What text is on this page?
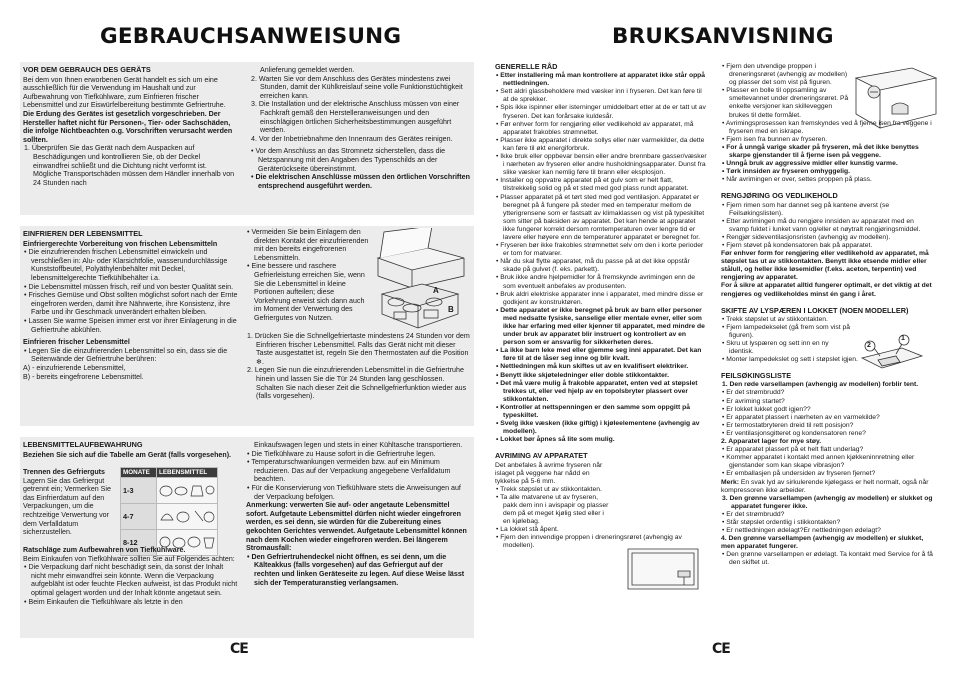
GEBRAUCHSANWEISUNG	BRUKSANVISNING
VOR DEM GEBRAUCH DES GERÄTS
Bei dem von Ihnen erworbenen Gerät handelt es sich um eine ausschließlich für die Verwendung im Haushalt und zur Aufbewahrung von Tiefkühlware, zum Einfrieren frischer Lebensmittel und zur Eiswürfelbereitung bestimmte Gefriertruhe.
Die Erdung des Gerätes ist gesetzlich vorgeschrieben. Der Hersteller haftet nicht für Personen-, Tier- oder Sachschäden, die infolge Nichtbeachten o.g. Vorschriften verursacht werden sollten.
1. Überprüfen Sie das Gerät nach dem Auspacken auf Beschädigungen und kontrollieren Sie, ob der Deckel einwandfrei schließt und die Dichtung nicht verformt ist. Mögliche Transportschäden müssen dem Händler innerhalb von 24 Stunden nach
Anlieferung gemeldet werden.
2. Warten Sie vor dem Anschluss des Gerätes mindestens zwei Stunden, damit der Kühlkreislauf seine volle Funktionstüchtigkeit erreichen kann.
3. Die Installation und der elektrische Anschluss müssen von einer Fachkraft gemäß den Herstelleranweisungen und den einschlägigen örtlichen Sicherheitsbestimmungen ausgeführt werden.
4. Vor der Inbetriebnahme den Innenraum des Gerätes reinigen.
• Vor dem Anschluss an das Stromnetz sicherstellen, dass die Netzspannung mit den Angaben des Typenschilds an der Geräterückseite übereinstimmt.
• Die elektrischen Anschlüsse müssen den örtlichen Vorschriften entsprechend ausgeführt werden.
EINFRIEREN DER LEBENSMITTEL
Einfriergerechte Vorbereitung von frischen Lebensmitteln
• Die einzufrierenden frischen Lebensmittel einwickeln und verschließen in: Alu- oder Klarsichtfolie, wasserundurchlässige Kunststoffbeutel, Polyäthylenbehälter mit Deckel, lebensmittelgerechte Tiefkühlbehälter i.a.
• Die Lebensmittel müssen frisch, reif und von bester Qualität sein.
• Frisches Gemüse und Obst sollten möglichst sofort nach der Ernte eingefroren werden, damit ihre Nährwerte, ihre Konsistenz, ihre Farbe und ihr Geschmack unverändert erhalten bleiben.
• Lassen Sie warme Speisen immer erst vor ihrer Einlagerung in die Gefriertruhe abkühlen.
Einfrieren frischer Lebensmittel
• Legen Sie die einzufrierenden Lebensmittel so ein, dass sie die Seitenwände der Gefriertruhe berühren:
A) - einzufrierende Lebensmittel,
B) - bereits eingefrorene Lebensmittel.
• Vermeiden Sie beim Einlagern den direkten Kontakt der einzufrierenden mit den bereits eingefrorenen Lebensmitteln.
• Eine bessere und raschere Gefrierleistung erreichen Sie, wenn Sie die Lebensmittel in kleine Portionen aufteilen; diese Vorkehrung erweist sich dann auch im Moment der Verwertung des Gefriergutes von Nutzen.
1. Drücken Sie die Schnellgefriertaste mindestens 24 Stunden vor dem Einfrieren frischer Lebensmittel. Falls das Gerät nicht mit dieser Taste ausgestattet ist, regeln Sie den Thermostaten auf die Position ❄.
2. Legen Sie nun die einzufrierenden Lebensmittel in die Gefriertruhe hinein und lassen Sie die Tür 24 Stunden lang geschlossen. Schalten Sie nach dieser Zeit die Schnellgefrierfunktion wieder aus (falls vorgesehen).
A
B
LEBENSMITTELAUFBEWAHRUNG
Beziehen Sie sich auf die Tabelle am Gerät (falls vorgesehen).
Trennen des Gefrierguts
Lagern Sie das Gefriergut getrennt ein; Vermerken Sie das Einfrierdatum auf den Verpackungen, um die rechtzeitige Verwertung vor dem Verfalldatum sicherzustellen.
MONATE	LEBENSMITTEL
1-3	
4-7	
8-12	
Ratschläge zum Aufbewahren von Tiefkühlware.
Beim Einkaufen von Tiefkühlware sollten Sie auf Folgendes achten:
• Die Verpackung darf nicht beschädigt sein, da sonst der Inhalt nicht mehr einwandfrei sein könnte. Wenn die Verpackung aufgebläht ist oder feuchte Flecken aufweist, ist das Produkt nicht optimal gelagert worden und der Inhalt könnte angetaut sein.
• Beim Einkaufen die Tiefkühlware als letzte in den
Einkaufswagen legen und stets in einer Kühltasche transportieren.
• Die Tiefkühlware zu Hause sofort in die Gefriertruhe legen.
• Temperaturschwankungen vermeiden bzw. auf ein Minimum reduzieren. Das auf der Verpackung angegebene Verfalldatum beachten.
• Für die Konservierung von Tiefkühlware stets die Anweisungen auf der Verpackung befolgen.
Anmerkung: verwerten Sie auf- oder angetaute Lebensmittel sofort. Aufgetaute Lebensmittel dürfen nicht wieder eingefroren werden, es sei denn, sie würden für die Zubereitung eines gekochten Gerichtes verwendet. Aufgetaute Lebensmittel können nach dem Kochen wieder eingefroren werden. Bei längerem Stromausfall:
• Den Gefriertruhendeckel nicht öffnen, es sei denn, um die Kälteakkus (falls vorgesehen) auf das Gefriergut auf der rechten und linken Geräteseite zu legen. Auf diese Weise lässt sich der Temperaturanstieg verlangsamen.
CE	CE
GENERELLE RÅD
• Etter installering må man kontrollere at apparatet ikke står oppå nettledningen.
• Sett aldri glassbeholdere med væsker inn i fryseren. Det kan føre til at de sprekker.
• Spis ikke ispinner eller isterninger umiddelbart etter at de er tatt ut av fryseren. Det kan forårsake kuldesår.
• Før enhver form for rengjøring eller vedlikehold av apparatet, må apparatet frakobles strømnettet.
• Plasser ikke apparatet i direkte sollys eller nær varmekilder, da dette kan føre til økt energiforbruk.
• Ikke bruk eller oppbevar bensin eller andre brennbare gasser/væsker i nærheten av fryseren eller andre husholdningsapparater. Dunst fra slike væsker kan nemlig føre til brann eller eksplosjon.
• Installer og oppvatre apparatet på et gulv som er helt flatt, tilstrekkelig solid og på et sted med god plass rundt apparatet.
• Plasser apparatet på et tørt sted med god ventilasjon. Apparatet er beregnet på å fungere på steder med en temperatur mellom de ytterigrensene som er fastsatt av klimaklassen og vist på typeskiltet som sitter på baksiden av apparatet. Det kan hende at apparatet ikke fungerer korrekt dersom romtemperaturen over lengre tid er lavere eller høyere enn de temperaturer apparatet er beregnet for.
• Fryseren bør ikke frakobles strømnettet selv om den i korte perioder er tom for matvarer.
• Når du skal flytte apparatet, må du passe på at det ikke oppstår skade på gulvet (f. eks. parkett).
• Bruk ikke andre hjelpemidler for å fremskynde avrimingen enn de som eventuelt anbefales av produsenten.
• Bruk aldri elektriske apparater inne i apparatet, med mindre disse er godkjent av konstruktøren.
• Dette apparatet er ikke beregnet på bruk av barn eller personer med nedsatte fysiske, sanselige eller mentale evner, eller som ikke har erfaring med eller kjenner til apparatet, med mindre de under bruk av apparatet blir instruert og kontrollert av en person som er ansvarlig for sikkerheten deres.
• La ikke barn leke med eller gjemme seg inni apparatet. Det kan føre til at de låser seg inne og blir kvalt.
• Nettledningen må kun skiftes ut av en kvalifisert elektriker.
• Benytt ikke skjøteledninger eller doble stikkontakter.
• Det må være mulig å frakoble apparatet, enten ved at støpslet trekkes ut, eller ved hjelp av en topolsbryter plassert over stikkontakten.
• Kontroller at nettspenningen er den samme som oppgitt på typeskiltet.
• Svelg ikke væsken (ikke giftig) i kjøleelementene (avhengig av modellen).
• Lokket bør åpnes så lite som mulig.
AVRIMING AV APPARATET
Det anbefales å avrime fryseren når islaget på veggene har nådd en tykkelse på 5-6 mm.
• Trekk støpslet ut av stikkontakten.
• Ta alle matvarene ut av fryseren, pakk dem inn i avispapir og plasser dem på et meget kjølig sted eller i en kjølebag.
• La lokket stå åpent.
• Fjern den innvendige proppen i dreneringsrøret (avhengig av modellen).
• Fjern den utvendige proppen i dreneringsrøret (avhengig av modellen) og plasser det som vist på figuren.
• Plasser en bolle til oppsamling av smeltevannet under dreneringsrøret. På enkelte versjoner kan skilleveggen brukes til dette formålet.
• Avrimingsprosessen kan fremskyndes ved å fjerne isen fra veggene i fryseren med en iskrape.
• Fjern isen fra bunnen av fryseren.
• For å unngå varige skader på fryseren, må det ikke benyttes skarpe gjenstander til å fjerne isen på veggene.
• Unngå bruk av aggressive midler eller kunstig varme.
• Tørk innsiden av fryseren omhyggelig.
• Når avrimingen er over, settes proppen på plass.
RENGJØRING OG VEDLIKEHOLD
• Fjern rimen som har dannet seg på kantene øverst (se Feilsøkingslisten).
• Etter avrimingen må du rengjøre innsiden av apparatet med en svamp fuktet i lunket vann og/eller et nøytralt rengjøringsmiddel.
• Rengjør sideventilasjonsristen (avhengig av modellen).
• Fjern støvet på kondensatoren bak på apparatet.
Før enhver form for rengjøring eller vedlikehold av apparatet, må støpslet tas ut av stikkontakten. Benytt ikke etsende midler eller stålull, og heller ikke løsemidler (f.eks. aceton, terpentin) ved rengjøring av apparatet.
For å sikre at apparatet alltid fungerer optimalt, er det viktig at det rengjøres og vedlikeholdes minst én gang i året.
SKIFTE AV LYSPÆREN I LOKKET (NOEN MODELLER)
• Trekk støpslet ut av stikkontakten.
• Fjern lampedekselet (gå frem som vist på figuren).
• Skru ut lyspæren og sett inn en ny identisk.
• Monter lampedekslet og sett i støpslet igjen.
FEILSØKINGSLISTE
1. Den røde varsellampen (avhengig av modellen) forblir tent.
• Er det strømbrudd?
• Er avriming startet?
• Er lokket lukket godt igjen??
• Er apparatet plassert i nærheten av en varmekilde?
• Er termostatbryteren dreid til rett posisjon?
• Er ventilasjonsgitteret og kondensatoren rene?
2. Apparatet lager for mye støy.
• Er apparatet plassert på et helt flatt underlag?
• Kommer apparatet i kontakt med annen kjøkkeninnretning eller gjenstander som kan skape vibrasjon?
• Er emballasjen på undersiden av fryseren fjernet?
Merk: En svak lyd av sirkulerende kjølegass er helt normalt, også når kompressoren ikke arbeider.
3. Den grønne varsellampen (avhengig av modellen) er slukket og apparatet fungerer ikke.
• Er det strømbrudd?
• Står støpslet ordentlig i stikkontakten?
• Er nettledningen ødelagt?Er nettledningen ødelagt?
4. Den grønne varsellampen (avhengig av modellen) er slukket, men apparatet fungerer.
• Den grønne varsellampen er ødelagt. Ta kontakt med Service for å få den skiftet ut.
1
2
